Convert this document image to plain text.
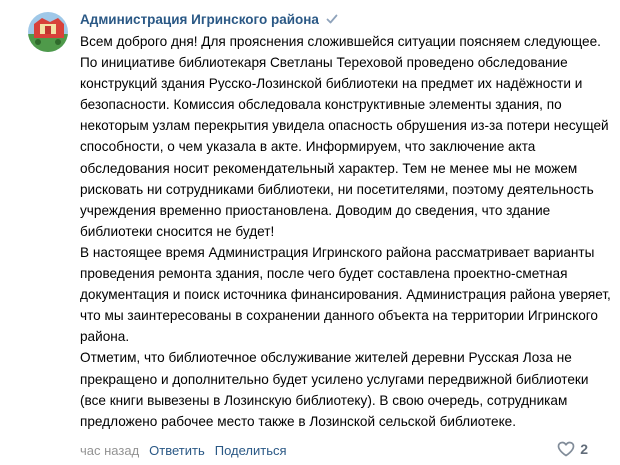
Администрация Игринского района

Всем доброго дня! Для прояснения сложившейся ситуации поясняем следующее. По инициативе библиотекаря Светланы Тереховой проведено обследование конструкций здания Русско-Лозинской библиотеки на предмет их надёжности и безопасности. Комиссия обследовала конструктивные элементы здания, по некоторым узлам перекрытия увидела опасность обрушения из-за потери несущей способности, о чем указала в акте. Информируем, что заключение акта обследования носит рекомендательный характер. Тем не менее мы не можем рисковать ни сотрудниками библиотеки, ни посетителями, поэтому деятельность учреждения временно приостановлена. Доводим до сведения, что здание библиотеки сносится не будет!

В настоящее время Администрация Игринского района рассматривает варианты проведения ремонта здания, после чего будет составлена проектно-сметная документация и поиск источника финансирования. Администрация района уверяет, что мы заинтересованы в сохранении данного объекта на территории Игринского района.

Отметим, что библиотечное обслуживание жителей деревни Русская Лоза не прекращено и дополнительно будет усилено услугами передвижной библиотеки (все книги вывезены в Лозинскую библиотеку). В свою очередь, сотрудникам предложено рабочее место также в Лозинской сельской библиотеке.

час назад Ответить Поделиться	2
